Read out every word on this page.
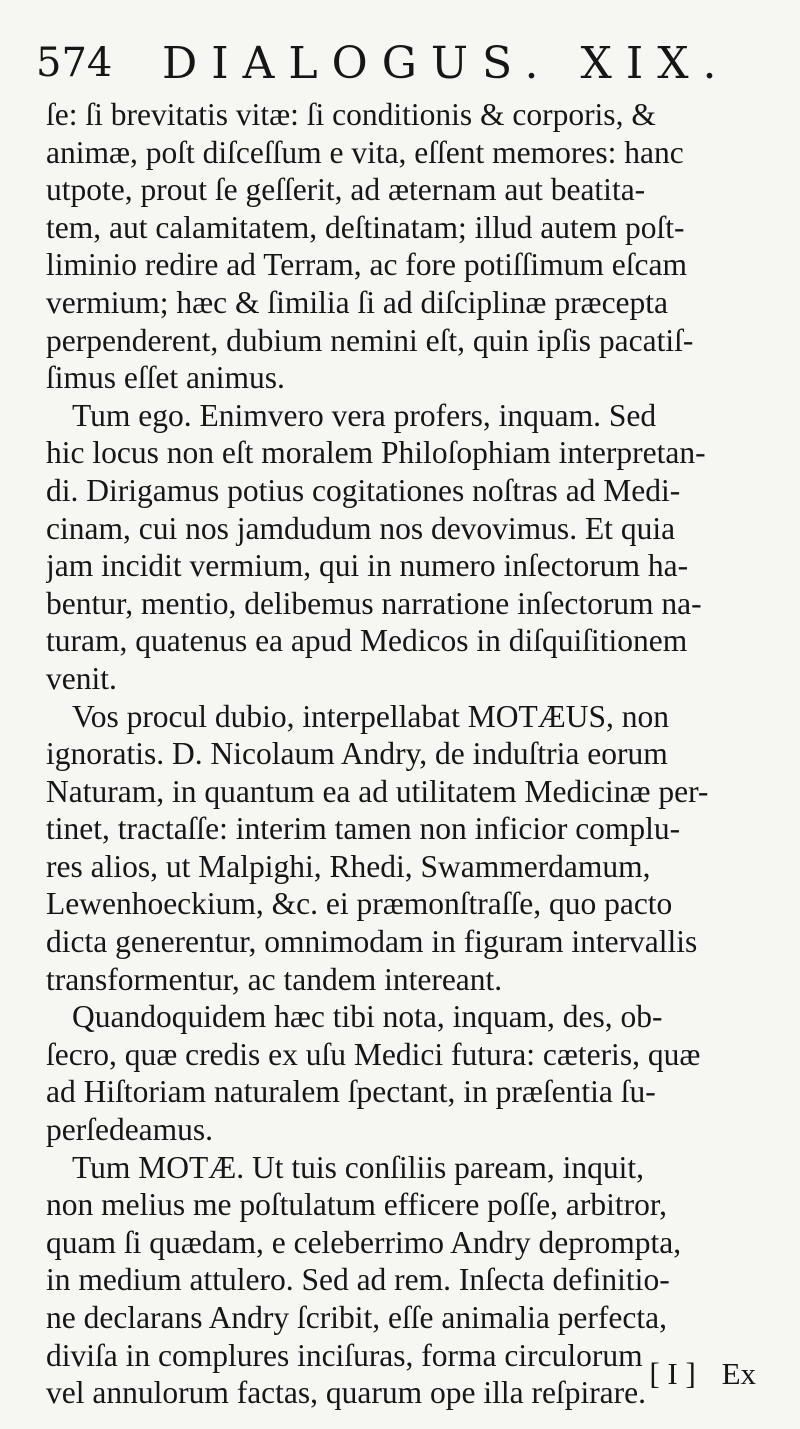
574 DIALOGUS. XIX.
ſe: ſi brevitatis vitæ: ſi conditionis & corporis, &
animæ, poſt diſceſſum e vita, eſſent memores: hanc
utpote, prout ſe geſſerit, ad æternam aut beatita-
tem, aut calamitatem, deſtinatam; illud autem poſt-
liminio redire ad Terram, ac fore potiſſimum eſcam
vermium; hæc & ſimilia ſi ad diſciplinæ præcepta
perpenderent, dubium nemini eſt, quin ipſis pacatiſ-
ſimus eſſet animus.
Tum ego. Enimvero vera profers, inquam. Sed
hic locus non eſt moralem Philoſophiam interpretan-
di. Dirigamus potius cogitationes noſtras ad Medi-
cinam, cui nos jamdudum nos devovimus. Et quia
jam incidit vermium, qui in numero inſectorum ha-
bentur, mentio, delibemus narratione inſectorum na-
turam, quatenus ea apud Medicos in diſquiſitionem
venit.
Vos procul dubio, interpellabat MOTÆUS, non
ignoratis. D. Nicolaum Andry, de induſtria eorum
Naturam, in quantum ea ad utilitatem Medicinæ per-
tinet, tractaſſe: interim tamen non inficior complu-
res alios, ut Malpighi, Rhedi, Swammerdamum,
Lewenhoeckium, &c. ei præmonſtraſſe, quo pacto
dicta generentur, omnimodam in figuram intervallis
transformentur, ac tandem intereant.
Quandoquidem hæc tibi nota, inquam, des, ob-
ſecro, quæ credis ex uſu Medici futura: cæteris, quæ
ad Hiſtoriam naturalem ſpectant, in præſentia ſu-
perſedeamus.
Tum MOTÆ. Ut tuis conſiliis paream, inquit,
non melius me poſtulatum efficere poſſe, arbitror,
quam ſi quædam, e celeberrimo Andry deprompta,
in medium attulero. Sed ad rem. Inſecta definitio-
ne declarans Andry ſcribit, eſſe animalia perfecta,
diviſa in complures inciſuras, forma circulorum
vel annulorum factas, quarum ope illa reſpirare.
[ I ] Ex
